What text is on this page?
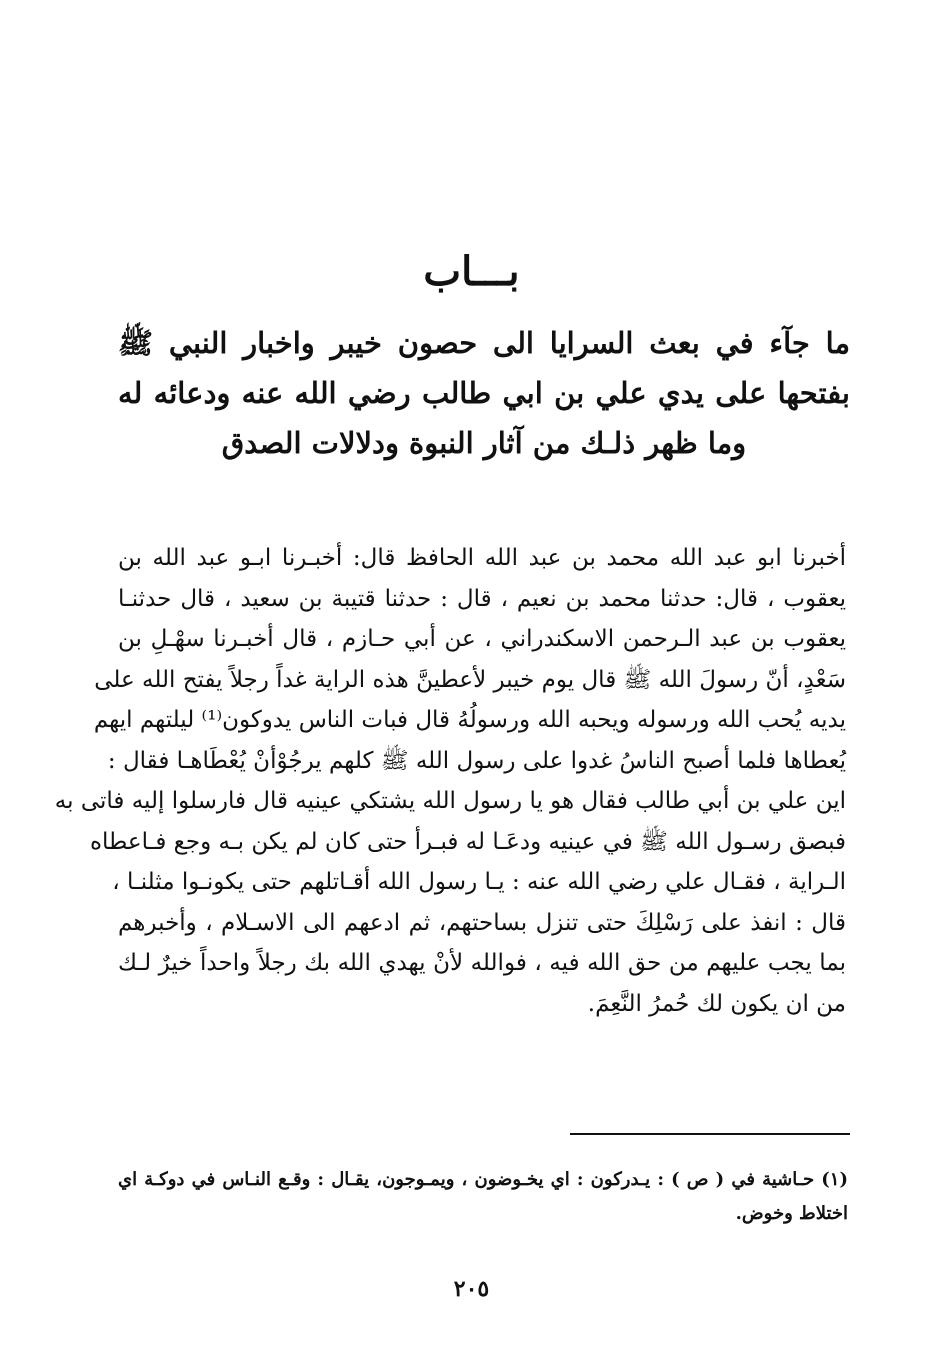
بـــاب
ما جآء في بعث السرايا الى حصون خيبر واخبار النبي ﷺ بفتحها على يدي علي بن ابي طالب رضي الله عنه ودعائه له وما ظهر ذلـك من آثار النبوة ودلالات الصدق
أخبرنا ابو عبد الله محمد بن عبد الله الحافظ قال: أخبـرنا ابـو عبد الله بن
يعقوب ، قال: حدثنا محمد بن نعيم ، قال : حدثنا قتيبة بن سعيد ، قال حدثنـا
يعقوب بن عبد الـرحمن الاسكندراني ، عن أبي حـازم ، قال أخبـرنا سهْـلِ بن
سَعْدٍ، أنّ رسولَ الله ﷺ قال يوم خيبر لأعطينَّ هذه الراية غداً رجلاً يفتح الله على
يديه يُحب الله ورسوله ويحبه الله ورسولُهُ قال فبات الناس يدوكون⁽¹⁾ ليلتهم ايهم
يُعطاها فلما أصبح الناسُ غدوا على رسول الله ﷺ كلهم يرجُوْأنْ يُعْطَاهـا فقال :
اين علي بن أبي طالب فقال هو يا رسول الله يشتكي عينيه قال فارسلوا إليه فاتى به
فبصق رسـول الله ﷺ في عينيه ودعَـا له فبـرأ حتى كان لم يكن بـه وجع فـاعطاه
الـراية ، فقـال علي رضي الله عنه : يـا رسول الله أقـاتلهم حتى يكونـوا مثلنـا ،
قال : انفذ على رَسْلِكَ حتى تنزل بساحتهم، ثم ادعهم الى الاسـلام ، وأخبرهم
بما يجب عليهم من حق الله فيه ، فوالله لأنْ يهدي الله بك رجلاً واحداً خيرٌ لـك
من ان يكون لك حُمرُ النَّعِمَ.
(١) حـاشية في ( ص ) : يـدركون : اي يخـوضون ، ويمـوجون، يقـال : وقـع النـاس في دوكـة اي اختلاط وخوض.
٢٠٥
